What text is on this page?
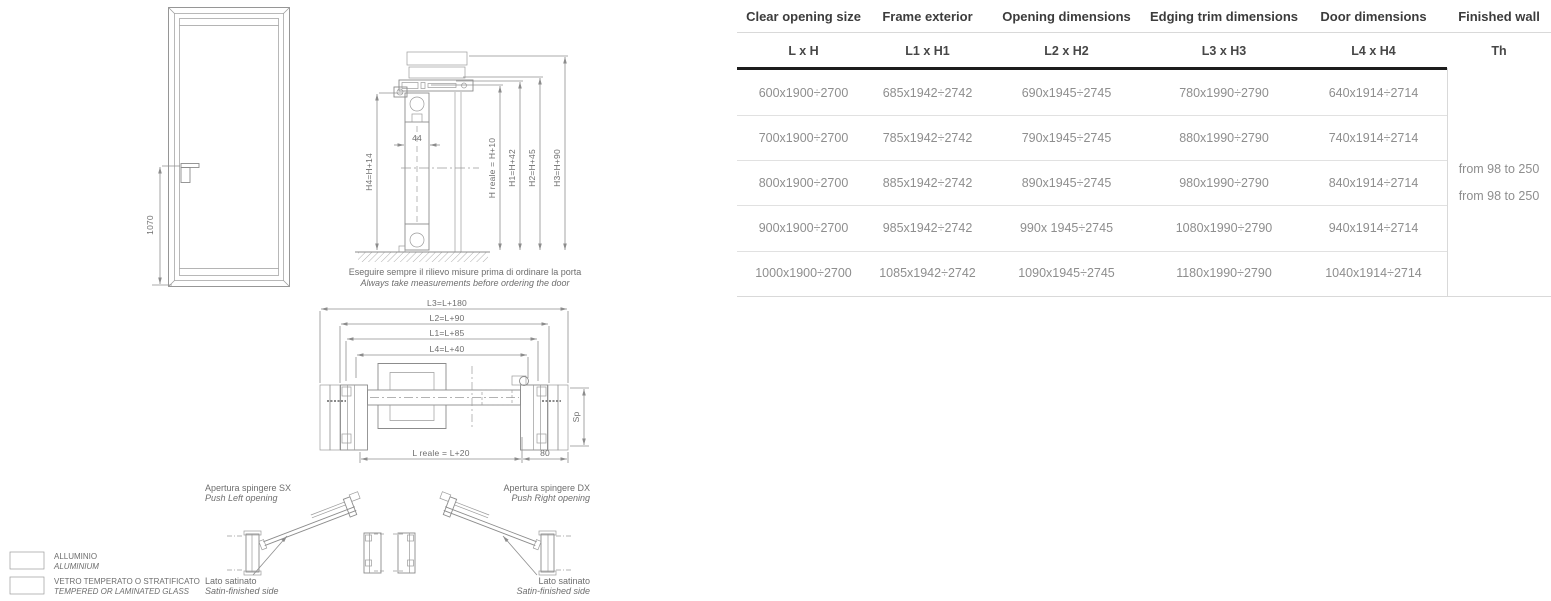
1070
H4=H+14
44	H reale = H+10 H1=H+42 H2=H+45 H3=H+90
Eseguire sempre il rilievo misure prima di ordinare la porta
Always take measurements before ordering the door
L3=L+180
L2=L+90
L1=L+85
L4=L+40
L reale = L+20	80
Sp
Apertura spingere SX
Push Left opening
Lato satinato
Satin-finished side
Apertura spingere DX
Push Right opening
Lato satinato
Satin-finished side
ALLUMINIO
ALUMINIUM
VETRO TEMPERATO O STRATIFICATO
TEMPERED OR LAMINATED GLASS
Clear opening size	Frame exterior	Opening dimensions	Edging trim dimensions	Door dimensions	Finished wall
L x H	L1 x H1	L2 x H2	L3 x H3	L4 x H4	Th
from 98 to 250
from 98 to 250
600x1900÷2700	685x1942÷2742	690x1945÷2745	780x1990÷2790	640x1914÷2714
700x1900÷2700	785x1942÷2742	790x1945÷2745	880x1990÷2790	740x1914÷2714
800x1900÷2700	885x1942÷2742	890x1945÷2745	980x1990÷2790	840x1914÷2714
900x1900÷2700	985x1942÷2742	990x 1945÷2745	1080x1990÷2790	940x1914÷2714
1000x1900÷2700	1085x1942÷2742	1090x1945÷2745	1180x1990÷2790	1040x1914÷2714
